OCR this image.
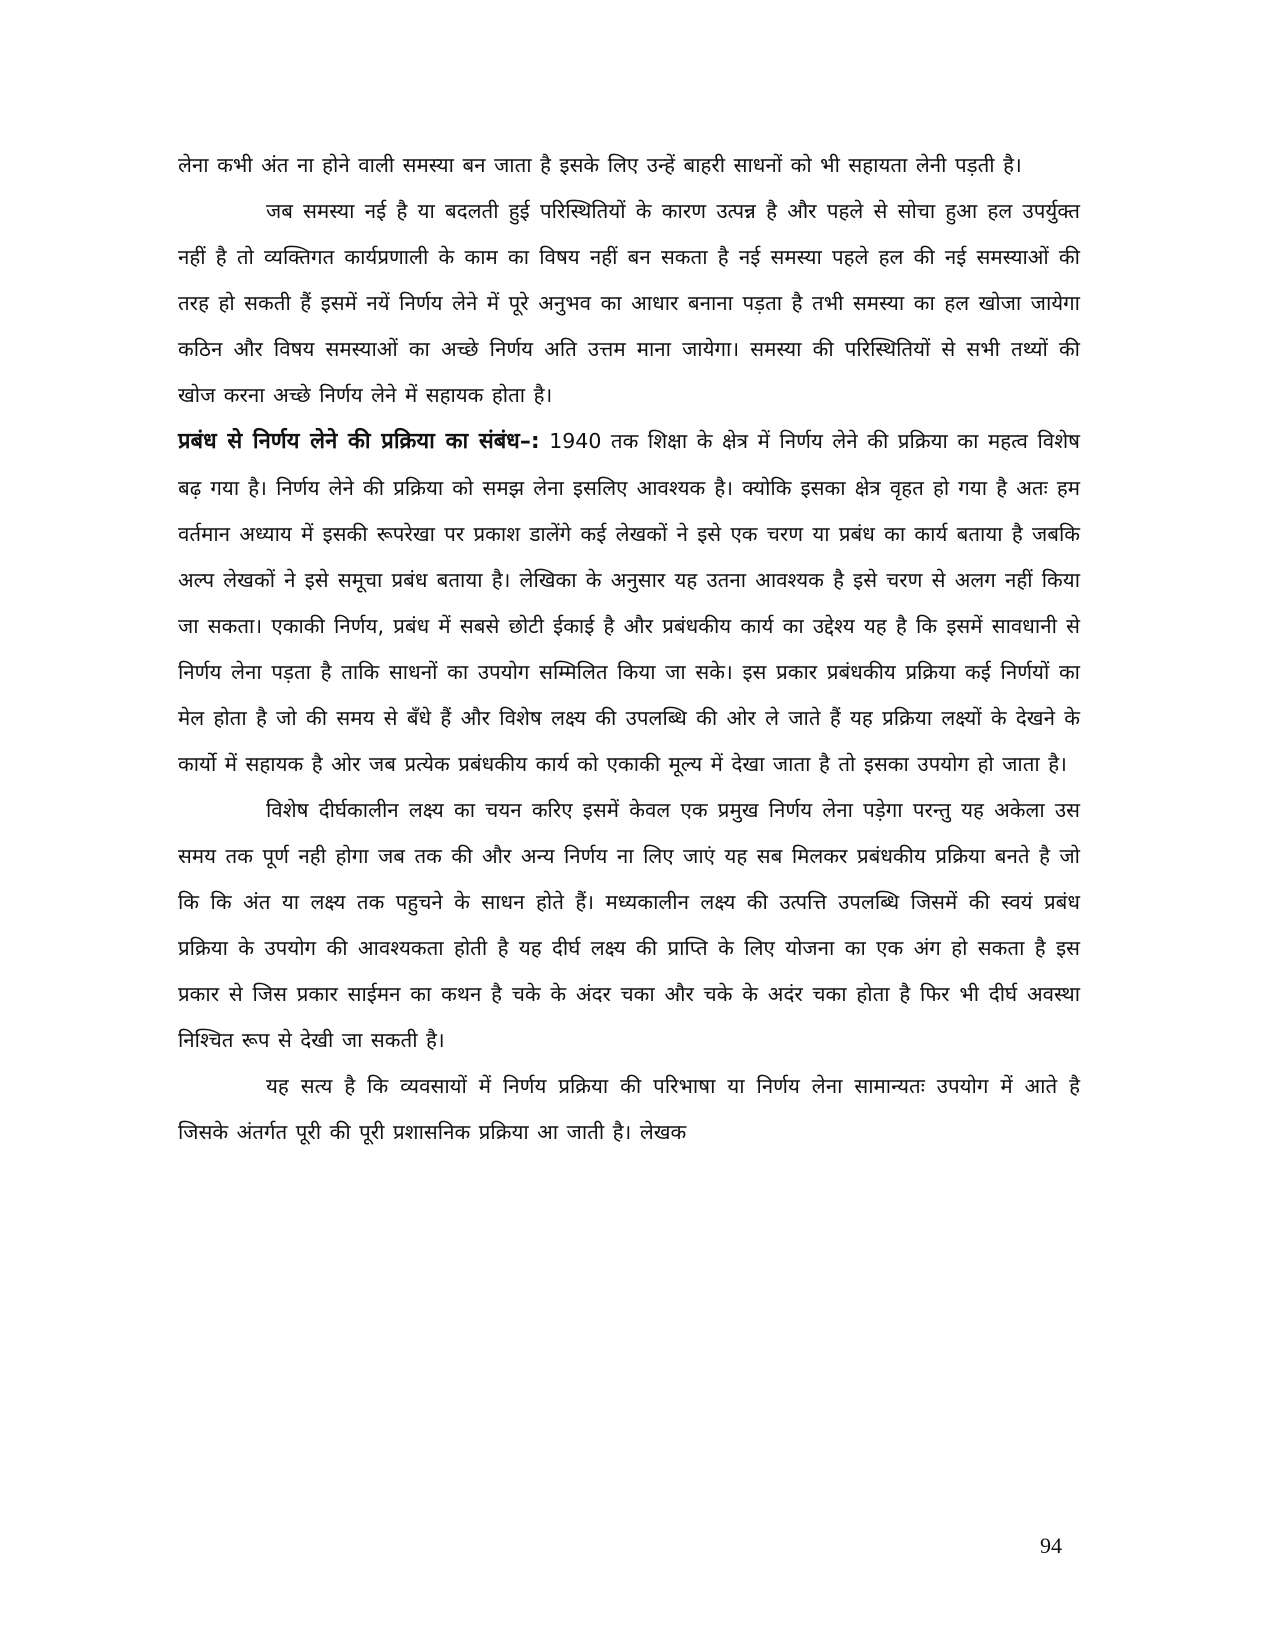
लेना कभी अंत ना होने वाली समस्या बन जाता है इसके लिए उन्हें बाहरी साधनों को भी सहायता लेनी पड़ती है।

जब समस्या नई है या बदलती हुई परिस्थितियों के कारण उत्पन्न है और पहले से सोचा हुआ हल उपर्युक्त नहीं है तो व्यक्तिगत कार्यप्रणाली के काम का विषय नहीं बन सकता है नई समस्या पहले हल की नई समस्याओं की तरह हो सकती हैं इसमें नयें निर्णय लेने में पूरे अनुभव का आधार बनाना पड़ता है तभी समस्या का हल खोजा जायेगा कठिन और विषय समस्याओं का अच्छे निर्णय अति उत्तम माना जायेगा। समस्या की परिस्थितियों से सभी तथ्यों की खोज करना अच्छे निर्णय लेने में सहायक होता है।

प्रबंध से निर्णय लेने की प्रक्रिया का संबंध–: 1940 तक शिक्षा के क्षेत्र में निर्णय लेने की प्रक्रिया का महत्व विशेष बढ़ गया है। निर्णय लेने की प्रक्रिया को समझ लेना इसलिए आवश्यक है। क्योकि इसका क्षेत्र वृहत हो गया है अतः हम वर्तमान अध्याय में इसकी रूपरेखा पर प्रकाश डालेंगे कई लेखकों ने इसे एक चरण या प्रबंध का कार्य बताया है जबकि अल्प लेखकों ने इसे समूचा प्रबंध बताया है। लेखिका के अनुसार यह उतना आवश्यक है इसे चरण से अलग नहीं किया जा सकता। एकाकी निर्णय, प्रबंध में सबसे छोटी ईकाई है और प्रबंधकीय कार्य का उद्देश्य यह है कि इसमें सावधानी से निर्णय लेना पड़ता है ताकि साधनों का उपयोग सम्मिलित किया जा सके। इस प्रकार प्रबंधकीय प्रक्रिया कई निर्णयों का मेल होता है जो की समय से बँधे हैं और विशेष लक्ष्य की उपलब्धि की ओर ले जाते हैं यह प्रक्रिया लक्ष्यों के देखने के कार्यो में सहायक है ओर जब प्रत्येक प्रबंधकीय कार्य को एकाकी मूल्य में देखा जाता है तो इसका उपयोग हो जाता है।

विशेष दीर्घकालीन लक्ष्य का चयन करिए इसमें केवल एक प्रमुख निर्णय लेना पड़ेगा परन्तु यह अकेला उस समय तक पूर्ण नही होगा जब तक की और अन्य निर्णय ना लिए जाएं यह सब मिलकर प्रबंधकीय प्रक्रिया बनते है जो कि कि अंत या लक्ष्य तक पहुचने के साधन होते हैं। मध्यकालीन लक्ष्य की उत्पत्ति उपलब्धि जिसमें की स्वयं प्रबंध प्रक्रिया के उपयोग की आवश्यकता होती है यह दीर्घ लक्ष्य की प्राप्ति के लिए योजना का एक अंग हो सकता है इस प्रकार से जिस प्रकार साईमन का कथन है चके के अंदर चका और चके के अदंर चका होता है फिर भी दीर्घ अवस्था निश्चित रूप से देखी जा सकती है।

यह सत्य है कि व्यवसायों में निर्णय प्रक्रिया की परिभाषा या निर्णय लेना सामान्यतः उपयोग में आते है जिसके अंतर्गत पूरी की पूरी प्रशासनिक प्रक्रिया आ जाती है। लेखक

94
